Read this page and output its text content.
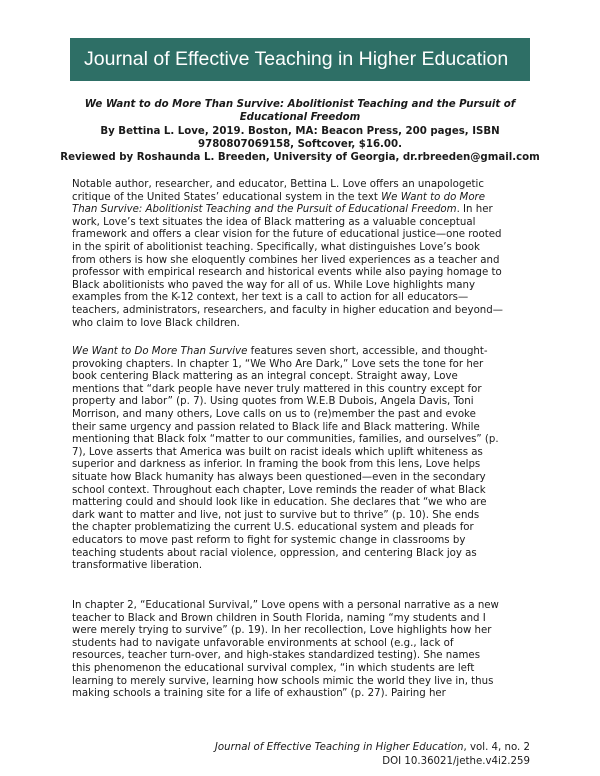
Journal of Effective Teaching in Higher Education
We Want to do More Than Survive: Abolitionist Teaching and the Pursuit of
Educational Freedom
By Bettina L. Love, 2019. Boston, MA: Beacon Press, 200 pages, ISBN
9780807069158, Softcover, $16.00.
Reviewed by Roshaunda L. Breeden, University of Georgia, dr.rbreeden@gmail.com
Notable author, researcher, and educator, Bettina L. Love offers an unapologetic
critique of the United States’ educational system in the text We Want to do More
Than Survive: Abolitionist Teaching and the Pursuit of Educational Freedom. In her
work, Love’s text situates the idea of Black mattering as a valuable conceptual
framework and offers a clear vision for the future of educational justice—one rooted
in the spirit of abolitionist teaching. Specifically, what distinguishes Love’s book
from others is how she eloquently combines her lived experiences as a teacher and
professor with empirical research and historical events while also paying homage to
Black abolitionists who paved the way for all of us. While Love highlights many
examples from the K-12 context, her text is a call to action for all educators—
teachers, administrators, researchers, and faculty in higher education and beyond—
who claim to love Black children.
We Want to Do More Than Survive features seven short, accessible, and thought-
provoking chapters. In chapter 1, “We Who Are Dark,” Love sets the tone for her
book centering Black mattering as an integral concept. Straight away, Love
mentions that “dark people have never truly mattered in this country except for
property and labor” (p. 7). Using quotes from W.E.B Dubois, Angela Davis, Toni
Morrison, and many others, Love calls on us to (re)member the past and evoke
their same urgency and passion related to Black life and Black mattering. While
mentioning that Black folx “matter to our communities, families, and ourselves” (p.
7), Love asserts that America was built on racist ideals which uplift whiteness as
superior and darkness as inferior. In framing the book from this lens, Love helps
situate how Black humanity has always been questioned—even in the secondary
school context. Throughout each chapter, Love reminds the reader of what Black
mattering could and should look like in education. She declares that “we who are
dark want to matter and live, not just to survive but to thrive” (p. 10). She ends
the chapter problematizing the current U.S. educational system and pleads for
educators to move past reform to fight for systemic change in classrooms by
teaching students about racial violence, oppression, and centering Black joy as
transformative liberation.
In chapter 2, “Educational Survival,” Love opens with a personal narrative as a new
teacher to Black and Brown children in South Florida, naming “my students and I
were merely trying to survive” (p. 19). In her recollection, Love highlights how her
students had to navigate unfavorable environments at school (e.g., lack of
resources, teacher turn-over, and high-stakes standardized testing). She names
this phenomenon the educational survival complex, “in which students are left
learning to merely survive, learning how schools mimic the world they live in, thus
making schools a training site for a life of exhaustion” (p. 27). Pairing her
Journal of Effective Teaching in Higher Education, vol. 4, no. 2
DOI 10.36021/jethe.v4i2.259
